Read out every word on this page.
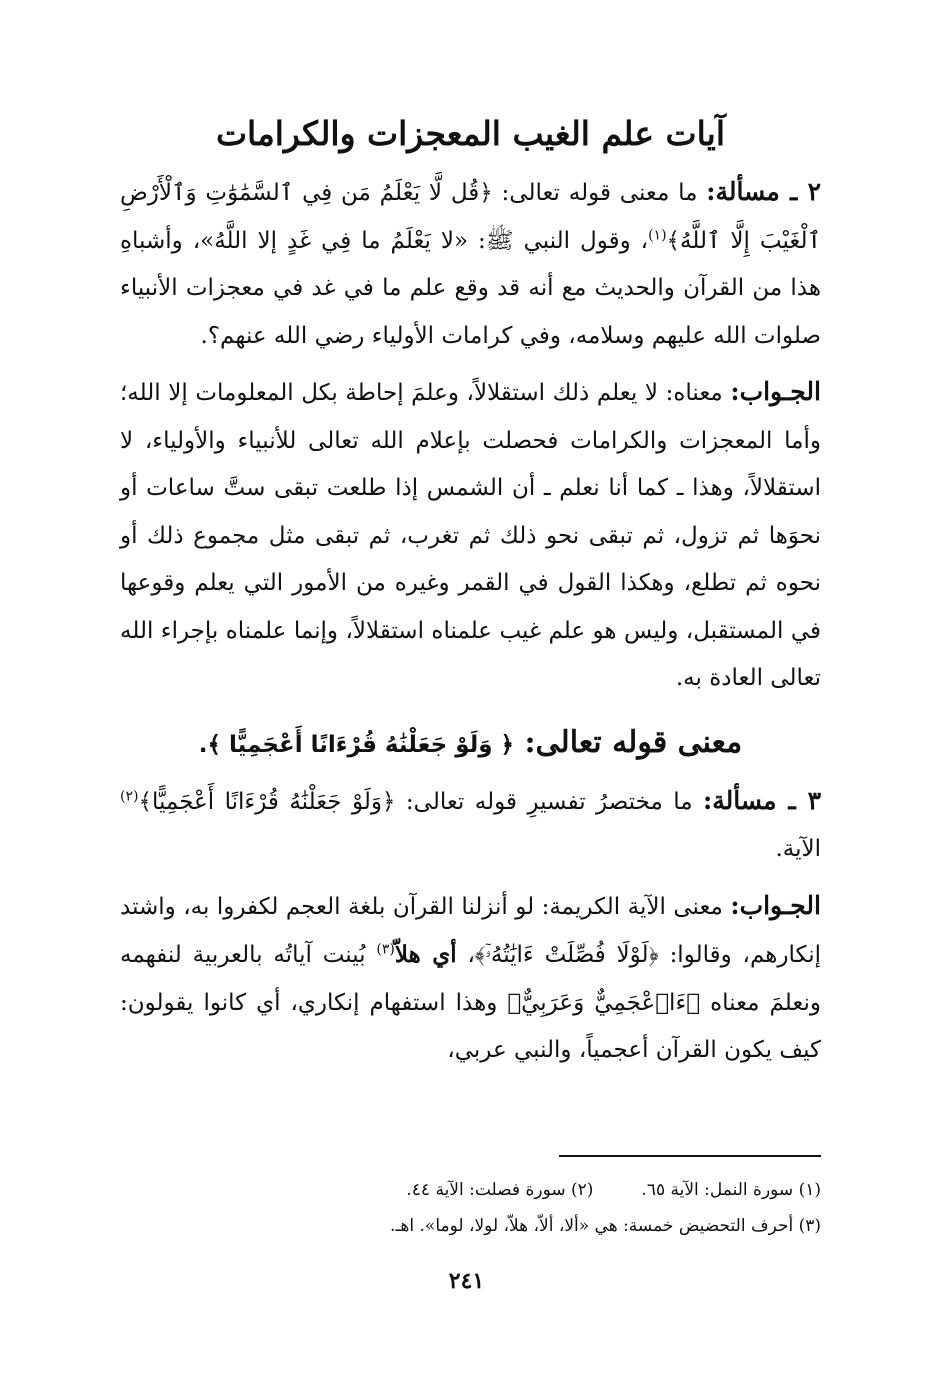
آيات علم الغيب المعجزات والكرامات

٢ ـ مسألة: ما معنى قوله تعالى: ﴿قُل لَّا يَعْلَمُ مَن فِي ٱلسَّمَٰوَٰتِ وَٱلْأَرْضِ ٱلْغَيْبَ إِلَّا ٱللَّهُ﴾$^{(١)}$، وقول النبي ﷺ: «لا يَعْلَمُ ما فِي غَدٍ إلا اللَّهُ»، وأشباهِ هذا من القرآن والحديث مع أنه قد وقع علم ما في غد في معجزات الأنبياء صلوات الله عليهم وسلامه، وفي كرامات الأولياء رضي الله عنهم؟.

الجـواب: معناه: لا يعلم ذلك استقلالاً، وعلمَ إحاطة بكل المعلومات إلا الله؛ وأما المعجزات والكرامات فحصلت بإعلام الله تعالى للأنبياء والأولياء، لا استقلالاً، وهذا ـ كما أنا نعلم ـ أن الشمس إذا طلعت تبقى ستَّ ساعات أو نحوَها ثم تزول، ثم تبقى نحو ذلك ثم تغرب، ثم تبقى مثل مجموع ذلك أو نحوه ثم تطلع، وهكذا القول في القمر وغيره من الأمور التي يعلم وقوعها في المستقبل، وليس هو علم غيب علمناه استقلالاً، وإنما علمناه بإجراء الله تعالى العادة به.

معنى قوله تعالى: ﴿ وَلَوْ جَعَلْنَٰهُ قُرْءَانًا أَعْجَمِيًّا ﴾.

٣ ـ مسألة: ما مختصرُ تفسيرِ قوله تعالى: ﴿وَلَوْ جَعَلْنَٰهُ قُرْءَانًا أَعْجَمِيًّا﴾$^{(٢)}$ الآية.

الجـواب: معنى الآية الكريمة: لو أنزلنا القرآن بلغة العجم لكفروا به، واشتد إنكارهم، وقالوا: ﴿لَوْلَا فُصِّلَتْ ءَايَٰتُهُۥٓ﴾، أي هلاّ$^{(٣)}$ بُينت آياتُه بالعربية لنفهمه ونعلمَ معناه ﴿ءَا۬عْجَمِيٌّ وَعَرَبِيٌّ﴾ وهذا استفهام إنكاري، أي كانوا يقولون: كيف يكون القرآن أعجمياً، والنبي عربي،

(١) سورة النمل: الآية ٦٥.
(٢) سورة فصلت: الآية ٤٤.
(٣) أحرف التحضيض خمسة: هي «ألا، ألاّ، هلاّ، لولا، لوما». اهـ.
٢٤١
